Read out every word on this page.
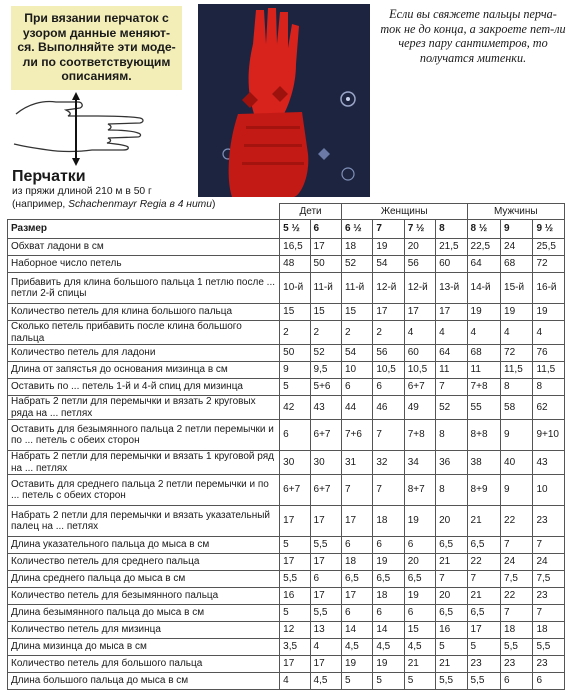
При вязании перчаток с узором данные меняют-ся. Выполняйте эти моде-ли по соответствующим описаниям.
Если вы свяжете пальцы перча-ток не до конца, а закроете пет-ли через пару сантиметров, то получатся митенки.
Перчатки
из пряжи длиной 210 м в 50 г
(например, Schachenmayr Regia в 4 нити)
	Дети		Женщины				Мужчины		
Размер	5 ½	6	6 ½	7	7 ½	8	8 ½	9	9 ½
Обхват ладони в см	16,5	17	18	19	20	21,5	22,5	24	25,5
Наборное число петель	48	50	52	54	56	60	64	68	72
Прибавить для клина большого пальца 1 петлю после ... петли 2-й спицы	10-й	11-й	11-й	12-й	12-й	13-й	14-й	15-й	16-й
Количество петель для клина большого пальца	15	15	15	17	17	17	19	19	19
Сколько петель прибавить после клина большого пальца	2	2	2	2	4	4	4	4	4
Количество петель для ладони	50	52	54	56	60	64	68	72	76
Длина от запястья до основания мизинца в см	9	9,5	10	10,5	10,5	11	11	11,5	11,5
Оставить по ... петель 1-й и 4-й спиц для мизинца	5	5+6	6	6	6+7	7	7+8	8	8
Набрать 2 петли для перемычки и вязать 2 круговых ряда на ... петлях	42	43	44	46	49	52	55	58	62
Оставить для безымянного пальца 2 петли перемычки и по ... петель с обеих сторон	6	6+7	7+6	7	7+8	8	8+8	9	9+10
Набрать 2 петли для перемычки и вязать 1 круговой ряд на ... петлях	30	30	31	32	34	36	38	40	43
Оставить для среднего пальца 2 петли перемычки и по ... петель с обеих сторон	6+7	6+7	7	7	8+7	8	8+9	9	10
Набрать 2 петли для перемычки и вязать указательный палец на ... петлях	17	17	17	18	19	20	21	22	23
Длина указательного пальца до мыса в см	5	5,5	6	6	6	6,5	6,5	7	7
Количество петель для среднего пальца	17	17	18	19	20	21	22	24	24
Длина среднего пальца до мыса в см	5,5	6	6,5	6,5	6,5	7	7	7,5	7,5
Количество петель для безымянного пальца	16	17	17	18	19	20	21	22	23
Длина безымянного пальца до мыса в см	5	5,5	6	6	6	6,5	6,5	7	7
Количество петель для мизинца	12	13	14	14	15	16	17	18	18
Длина мизинца до мыса в см	3,5	4	4,5	4,5	4,5	5	5	5,5	5,5
Количество петель для большого пальца	17	17	19	19	21	21	23	23	23
Длина большого пальца до мыса в см	4	4,5	5	5	5	5,5	5,5	6	6
